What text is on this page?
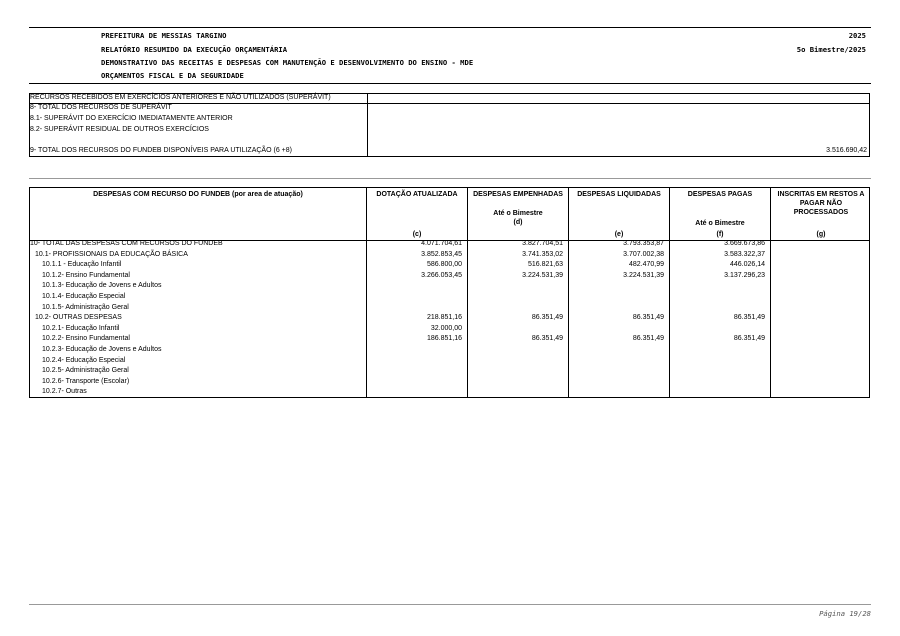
PREFEITURA DE MESSIAS TARGINO
RELATÓRIO RESUMIDO DA EXECUÇÃO ORÇAMENTÁRIA
DEMONSTRATIVO DAS RECEITAS E DESPESAS COM MANUTENÇÃO E DESENVOLVIMENTO DO ENSINO - MDE
ORÇAMENTOS FISCAL E DA SEGURIDADE
2025
5o Bimestre/2025
RECURSOS RECEBIDOS EM EXERCÍCIOS ANTERIORES E NÃO UTILIZADOS (SUPERÁVIT)
8- TOTAL DOS RECURSOS DE SUPERÁVIT
8.1- SUPERÁVIT DO EXERCÍCIO IMEDIATAMENTE ANTERIOR
8.2- SUPERÁVIT RESIDUAL DE OUTROS EXERCÍCIOS
9- TOTAL DOS RECURSOS DO FUNDEB DISPONÍVEIS PARA UTILIZAÇÃO (6 +8)	3.516.690,42
DESPESAS COM RECURSO DO FUNDEB (por area de atuação)	DOTAÇÃO ATUALIZADA	DESPESAS EMPENHADAS	DESPESAS LIQUIDADAS	DESPESAS PAGAS	INSCRITAS EM RESTOS A
PAGAR NÃO
PROCESSADOS
Até o Bimestre
Até o Bimestre
(d)
(c)	(e)	(f)	(g)
10- TOTAL DAS DESPESAS COM RECURSOS DO FUNDEB	4.071.704,61	3.827.704,51	3.793.353,87	3.669.673,86
10.1- PROFISSIONAIS DA EDUCAÇÃO BÁSICA	3.852.853,45	3.741.353,02	3.707.002,38	3.583.322,37
10.1.1 - Educação Infantil	586.800,00	516.821,63	482.470,99	446.026,14
10.1.2- Ensino Fundamental	3.266.053,45	3.224.531,39	3.224.531,39	3.137.296,23
10.1.3- Educação de Jovens e Adultos
10.1.4- Educação Especial
10.1.5- Administração Geral
10.2- OUTRAS DESPESAS	218.851,16	86.351,49	86.351,49	86.351,49
10.2.1- Educação Infantil	32.000,00
10.2.2- Ensino Fundamental	186.851,16	86.351,49	86.351,49	86.351,49
10.2.3- Educação de Jovens e Adultos
10.2.4- Educação Especial
10.2.5- Administração Geral
10.2.6- Transporte (Escolar)
10.2.7- Outras
Página 19/28
